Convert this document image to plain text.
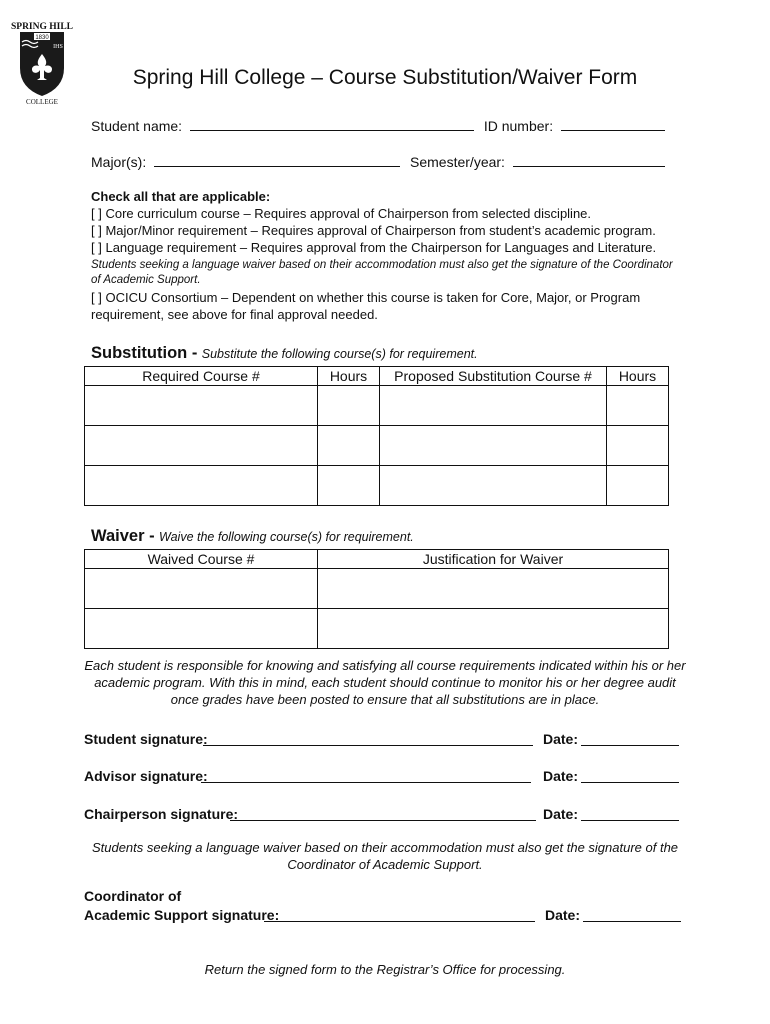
SPRING HILL
1830
IHS
COLLEGE
Spring Hill College – Course Substitution/Waiver Form
Student name:	ID number:
Major(s):	Semester/year:
Check all that are applicable:
[ ] Core curriculum course – Requires approval of Chairperson from selected discipline.
[ ] Major/Minor requirement – Requires approval of Chairperson from student’s academic program.
[ ] Language requirement – Requires approval from the Chairperson for Languages and Literature.
Students seeking a language waiver based on their accommodation must also get the signature of the Coordinator
of Academic Support.
[ ] OCICU Consortium – Dependent on whether this course is taken for Core, Major, or Program
requirement, see above for final approval needed.
Substitution - Substitute the following course(s) for requirement.
Required Course #	Hours	Proposed Substitution Course #	Hours

Waiver - Waive the following course(s) for requirement.
Waived Course #	Justification for Waiver

Each student is responsible for knowing and satisfying all course requirements indicated within his or her
academic program. With this in mind, each student should continue to monitor his or her degree audit
once grades have been posted to ensure that all substitutions are in place.
Student signature:	Date:
Advisor signature:	Date:
Chairperson signature:	Date:
Students seeking a language waiver based on their accommodation must also get the signature of the
Coordinator of Academic Support.
Coordinator of
Academic Support signature:	Date:
Return the signed form to the Registrar’s Office for processing.
